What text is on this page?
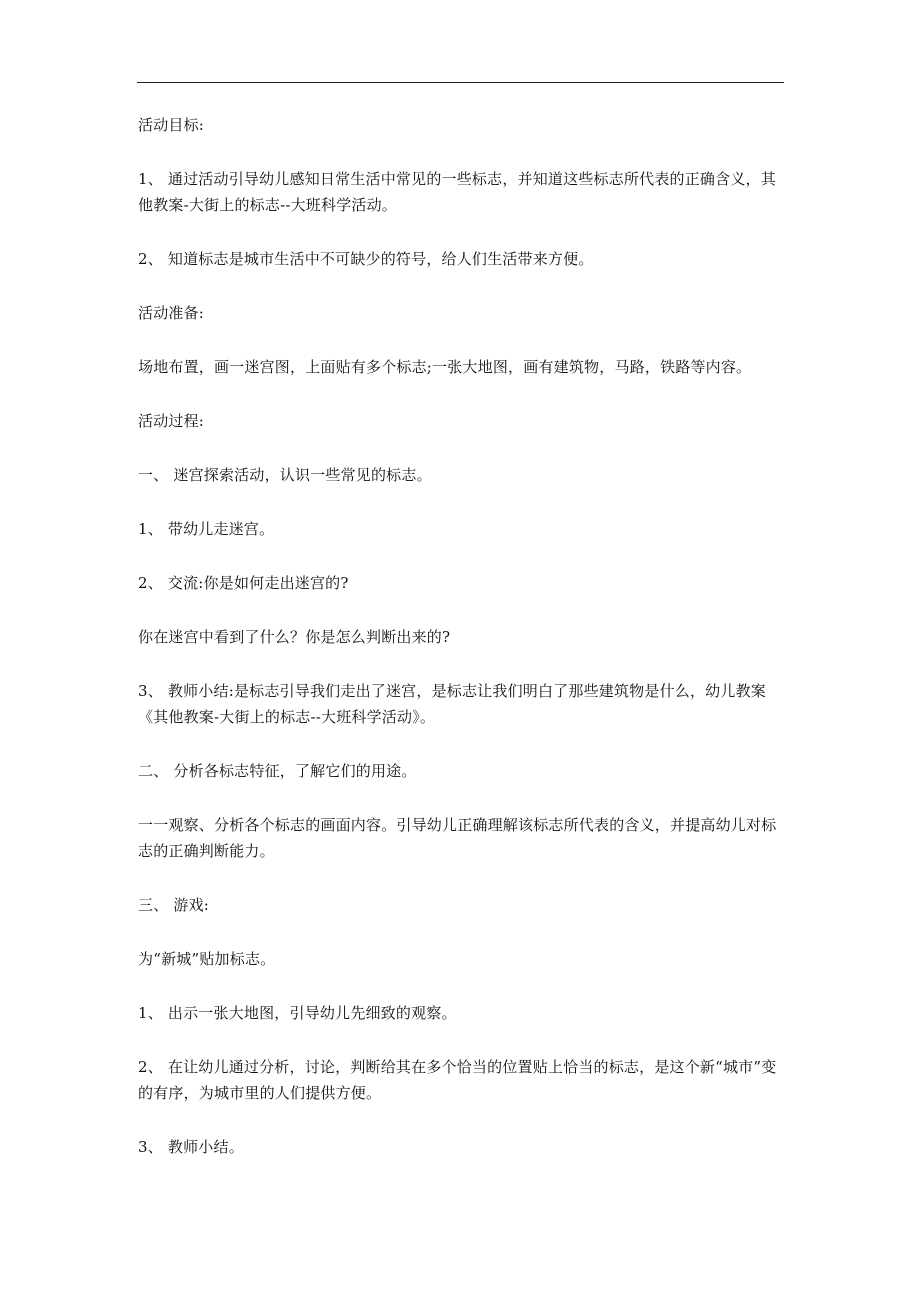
活动目标:

1、 通过活动引导幼儿感知日常生活中常见的一些标志，并知道这些标志所代表的正确含义，其他教案-大街上的标志--大班科学活动。

2、 知道标志是城市生活中不可缺少的符号，给人们生活带来方便。

活动准备:

场地布置，画一迷宫图，上面贴有多个标志;一张大地图，画有建筑物，马路，铁路等内容。

活动过程:

一、 迷宫探索活动，认识一些常见的标志。

1、 带幼儿走迷宫。

2、 交流:你是如何走出迷宫的?

你在迷宫中看到了什么？你是怎么判断出来的?

3、 教师小结:是标志引导我们走出了迷宫，是标志让我们明白了那些建筑物是什么，幼儿教案《其他教案-大街上的标志--大班科学活动》。

二、 分析各标志特征，了解它们的用途。

一一观察、分析各个标志的画面内容。引导幼儿正确理解该标志所代表的含义，并提高幼儿对标志的正确判断能力。

三、 游戏:

为“新城”贴加标志。

1、 出示一张大地图，引导幼儿先细致的观察。

2、 在让幼儿通过分析，讨论，判断给其在多个恰当的位置贴上恰当的标志，是这个新“城市”变的有序，为城市里的人们提供方便。

3、 教师小结。
